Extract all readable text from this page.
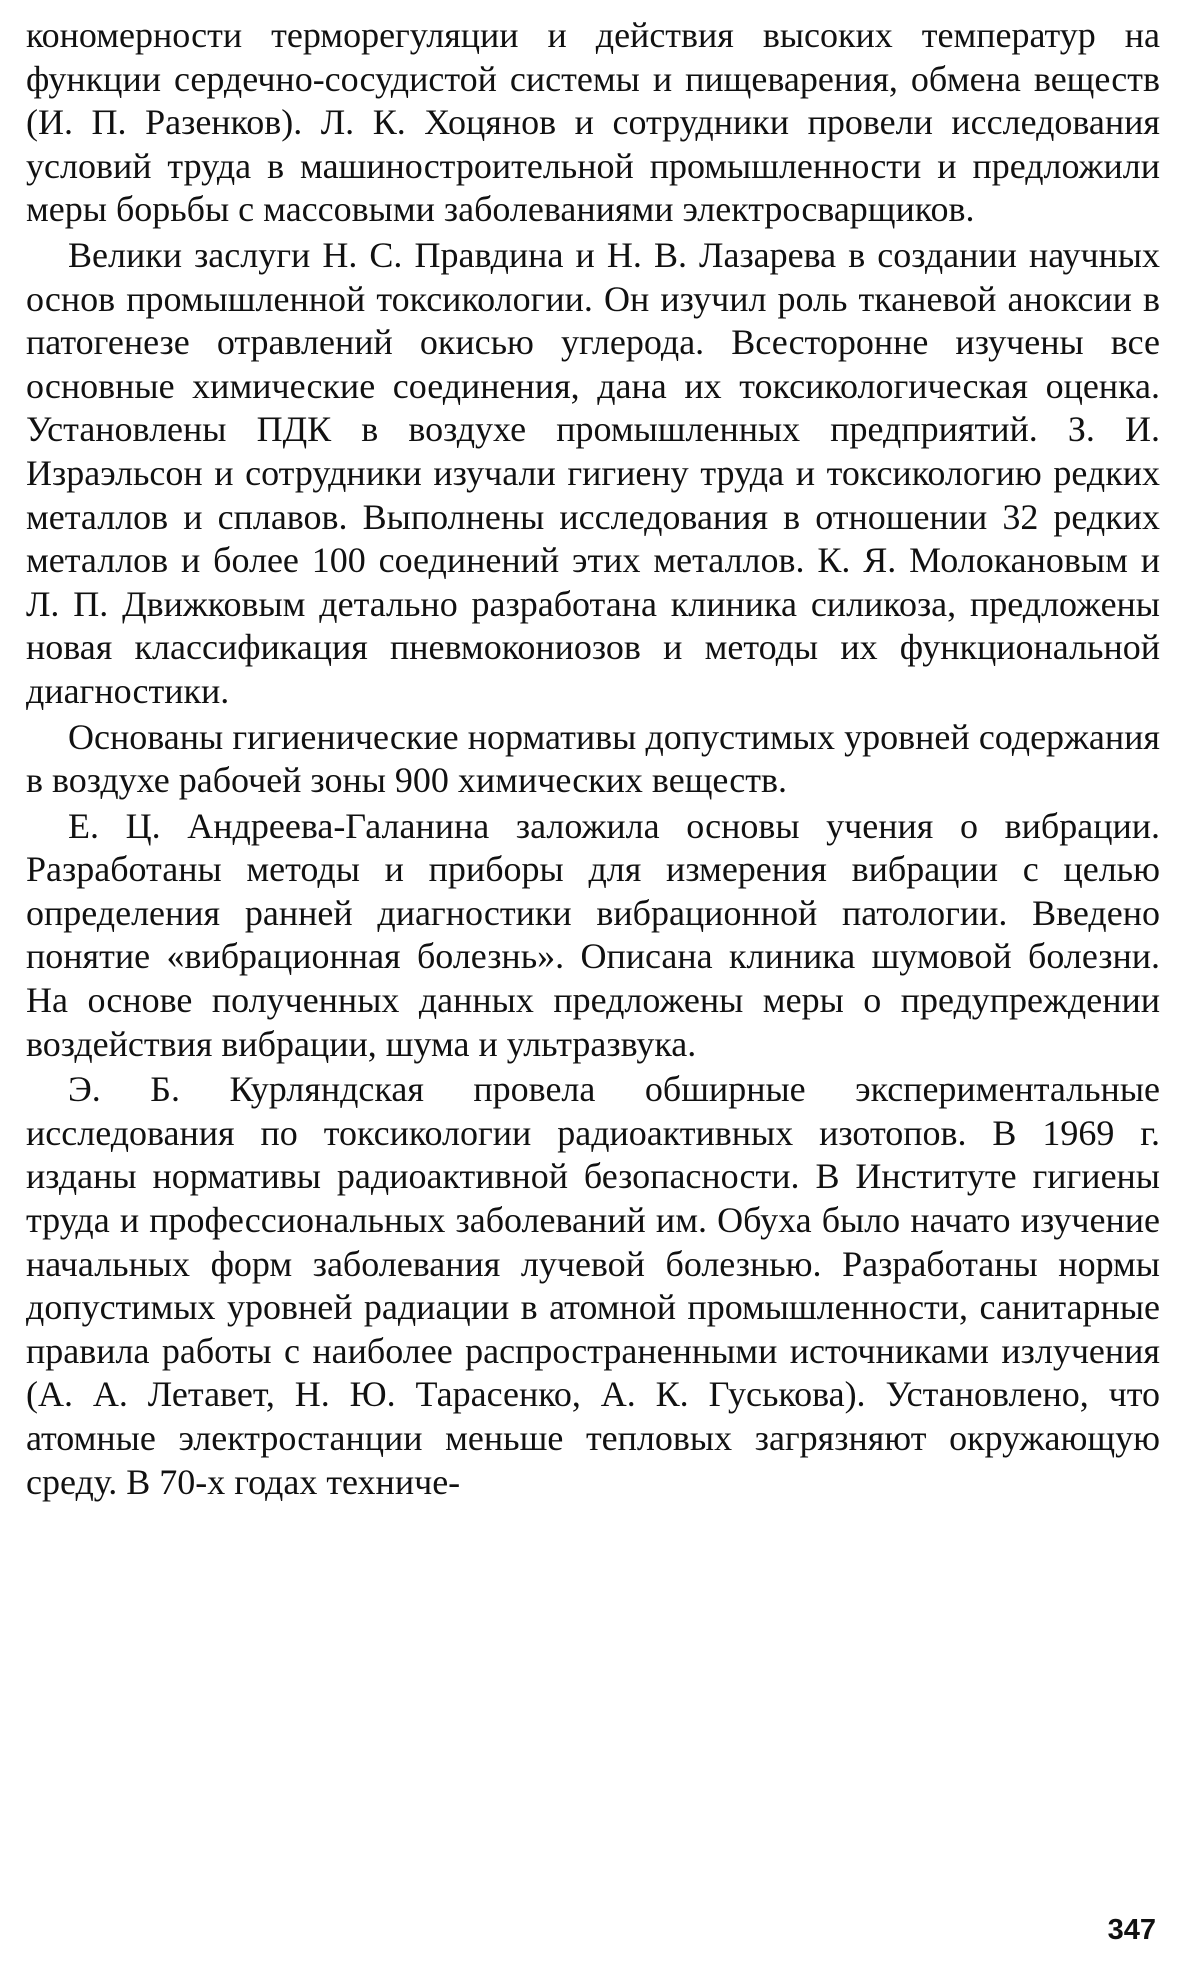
кономерности терморегуляции и действия высоких температур на функции сердечно-сосудистой системы и пищеварения, обмена веществ (И. П. Разенков). Л. К. Хоцянов и сотрудники провели исследования условий труда в машиностроительной промышленности и предложили меры борьбы с массовыми заболеваниями электросварщиков.

Велики заслуги Н. С. Правдина и Н. В. Лазарева в создании научных основ промышленной токсикологии. Он изучил роль тканевой аноксии в патогенезе отравлений окисью углерода. Всесторонне изучены все основные химические соединения, дана их токсикологическая оценка. Установлены ПДК в воздухе промышленных предприятий. З. И. Израэльсон и сотрудники изучали гигиену труда и токсикологию редких металлов и сплавов. Выполнены исследования в отношении 32 редких металлов и более 100 соединений этих металлов. К. Я. Молокановым и Л. П. Движковым детально разработана клиника силикоза, предложены новая классификация пневмокониозов и методы их функциональной диагностики.

Основаны гигиенические нормативы допустимых уровней содержания в воздухе рабочей зоны 900 химических веществ.

Е. Ц. Андреева-Галанина заложила основы учения о вибрации. Разработаны методы и приборы для измерения вибрации с целью определения ранней диагностики вибрационной патологии. Введено понятие «вибрационная болезнь». Описана клиника шумовой болезни. На основе полученных данных предложены меры о предупреждении воздействия вибрации, шума и ультразвука.

Э. Б. Курляндская провела обширные экспериментальные исследования по токсикологии радиоактивных изотопов. В 1969 г. изданы нормативы радиоактивной безопасности. В Институте гигиены труда и профессиональных заболеваний им. Обуха было начато изучение начальных форм заболевания лучевой болезнью. Разработаны нормы допустимых уровней радиации в атомной промышленности, санитарные правила работы с наиболее распространенными источниками излучения (А. А. Летавет, Н. Ю. Тарасенко, А. К. Гуськова). Установлено, что атомные электростанции меньше тепловых загрязняют окружающую среду. В 70-х годах техниче-

347
